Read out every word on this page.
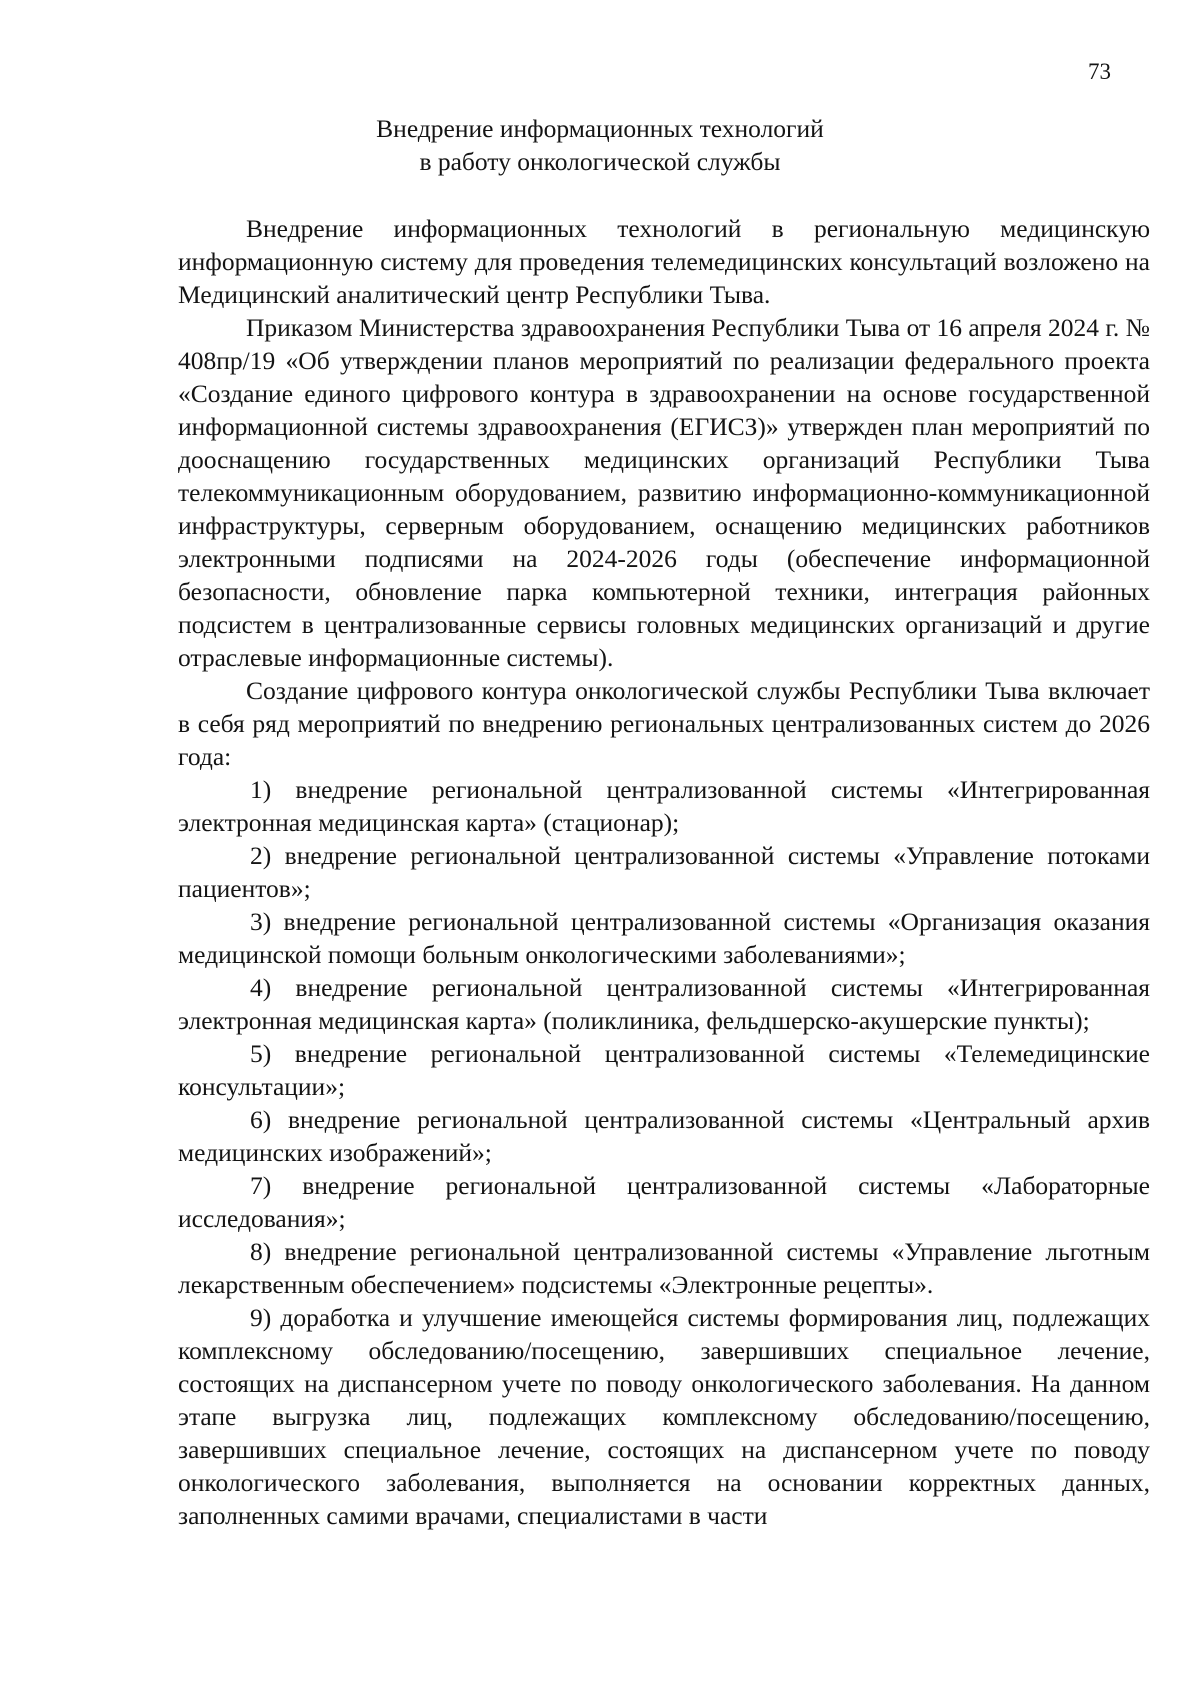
73
Внедрение информационных технологий
в работу онкологической службы

Внедрение информационных технологий в региональную медицинскую информационную систему для проведения телемедицинских консультаций возложено на Медицинский аналитический центр Республики Тыва.

Приказом Министерства здравоохранения Республики Тыва от 16 апреля 2024 г. № 408пр/19 «Об утверждении планов мероприятий по реализации федерального проекта «Создание единого цифрового контура в здравоохранении на основе государственной информационной системы здравоохранения (ЕГИСЗ)» утвержден план мероприятий по дооснащению государственных медицинских организаций Республики Тыва телекоммуникационным оборудованием, развитию информационно-коммуникационной инфраструктуры, серверным оборудованием, оснащению медицинских работников электронными подписями на 2024-2026 годы (обеспечение информационной безопасности, обновление парка компьютерной техники, интеграция районных подсистем в централизованные сервисы головных медицинских организаций и другие отраслевые информационные системы).

Создание цифрового контура онкологической службы Республики Тыва включает в себя ряд мероприятий по внедрению региональных централизованных систем до 2026 года:

1) внедрение региональной централизованной системы «Интегрированная электронная медицинская карта» (стационар);

2) внедрение региональной централизованной системы «Управление потоками пациентов»;

3) внедрение региональной централизованной системы «Организация оказания медицинской помощи больным онкологическими заболеваниями»;

4) внедрение региональной централизованной системы «Интегрированная электронная медицинская карта» (поликлиника, фельдшерско-акушерские пункты);

5) внедрение региональной централизованной системы «Телемедицинские консультации»;

6) внедрение региональной централизованной системы «Центральный архив медицинских изображений»;

7) внедрение региональной централизованной системы «Лабораторные исследования»;

8) внедрение региональной централизованной системы «Управление льготным лекарственным обеспечением» подсистемы «Электронные рецепты».

9) доработка и улучшение имеющейся системы формирования лиц, подлежащих комплексному обследованию/посещению, завершивших специальное лечение, состоящих на диспансерном учете по поводу онкологического заболевания. На данном этапе выгрузка лиц, подлежащих комплексному обследованию/посещению, завершивших специальное лечение, состоящих на диспансерном учете по поводу онкологического заболевания, выполняется на основании корректных данных, заполненных самими врачами, специалистами в части
